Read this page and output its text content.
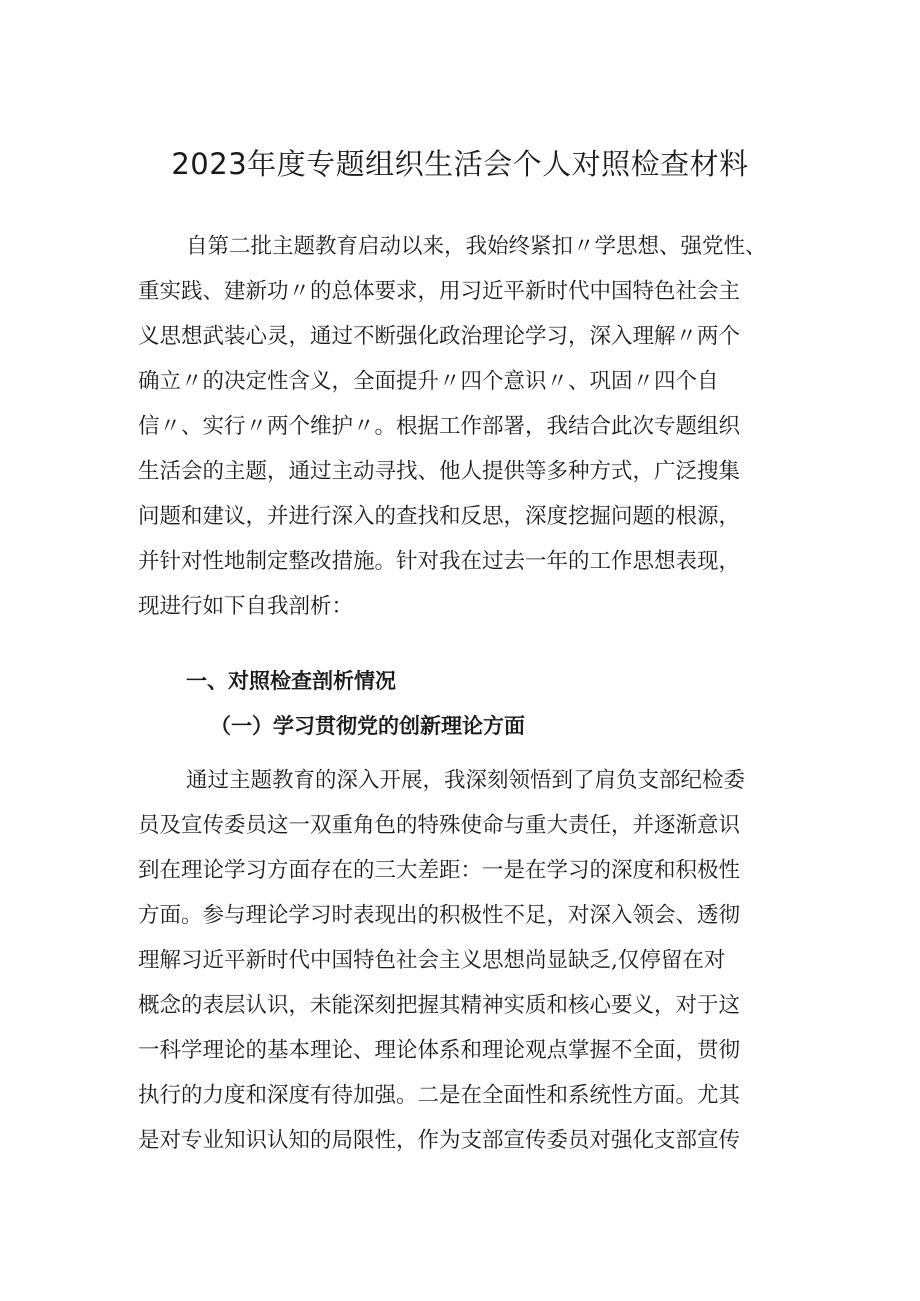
2023年度专题组织生活会个人对照检查材料

自第二批主题教育启动以来，我始终紧扣〃学思想、强党性、

重实践、建新功〃的总体要求，用习近平新时代中国特色社会主

义思想武装心灵，通过不断强化政治理论学习，深入理解〃两个

确立〃的决定性含义，全面提升〃四个意识〃、巩固〃四个自

信〃、实行〃两个维护〃。根据工作部署，我结合此次专题组织

生活会的主题，通过主动寻找、他人提供等多种方式，广泛搜集

问题和建议，并进行深入的查找和反思，深度挖掘问题的根源，

并针对性地制定整改措施。针对我在过去一年的工作思想表现，

现进行如下自我剖析：

一、对照检查剖析情况
（一）学习贯彻党的创新理论方面

通过主题教育的深入开展，我深刻领悟到了肩负支部纪检委

员及宣传委员这一双重角色的特殊使命与重大责任，并逐渐意识

到在理论学习方面存在的三大差距：一是在学习的深度和积极性

方面。参与理论学习时表现出的积极性不足，对深入领会、透彻

理解习近平新时代中国特色社会主义思想尚显缺乏,仅停留在对

概念的表层认识，未能深刻把握其精神实质和核心要义，对于这

一科学理论的基本理论、理论体系和理论观点掌握不全面，贯彻

执行的力度和深度有待加强。二是在全面性和系统性方面。尤其

是对专业知识认知的局限性，作为支部宣传委员对强化支部宣传
